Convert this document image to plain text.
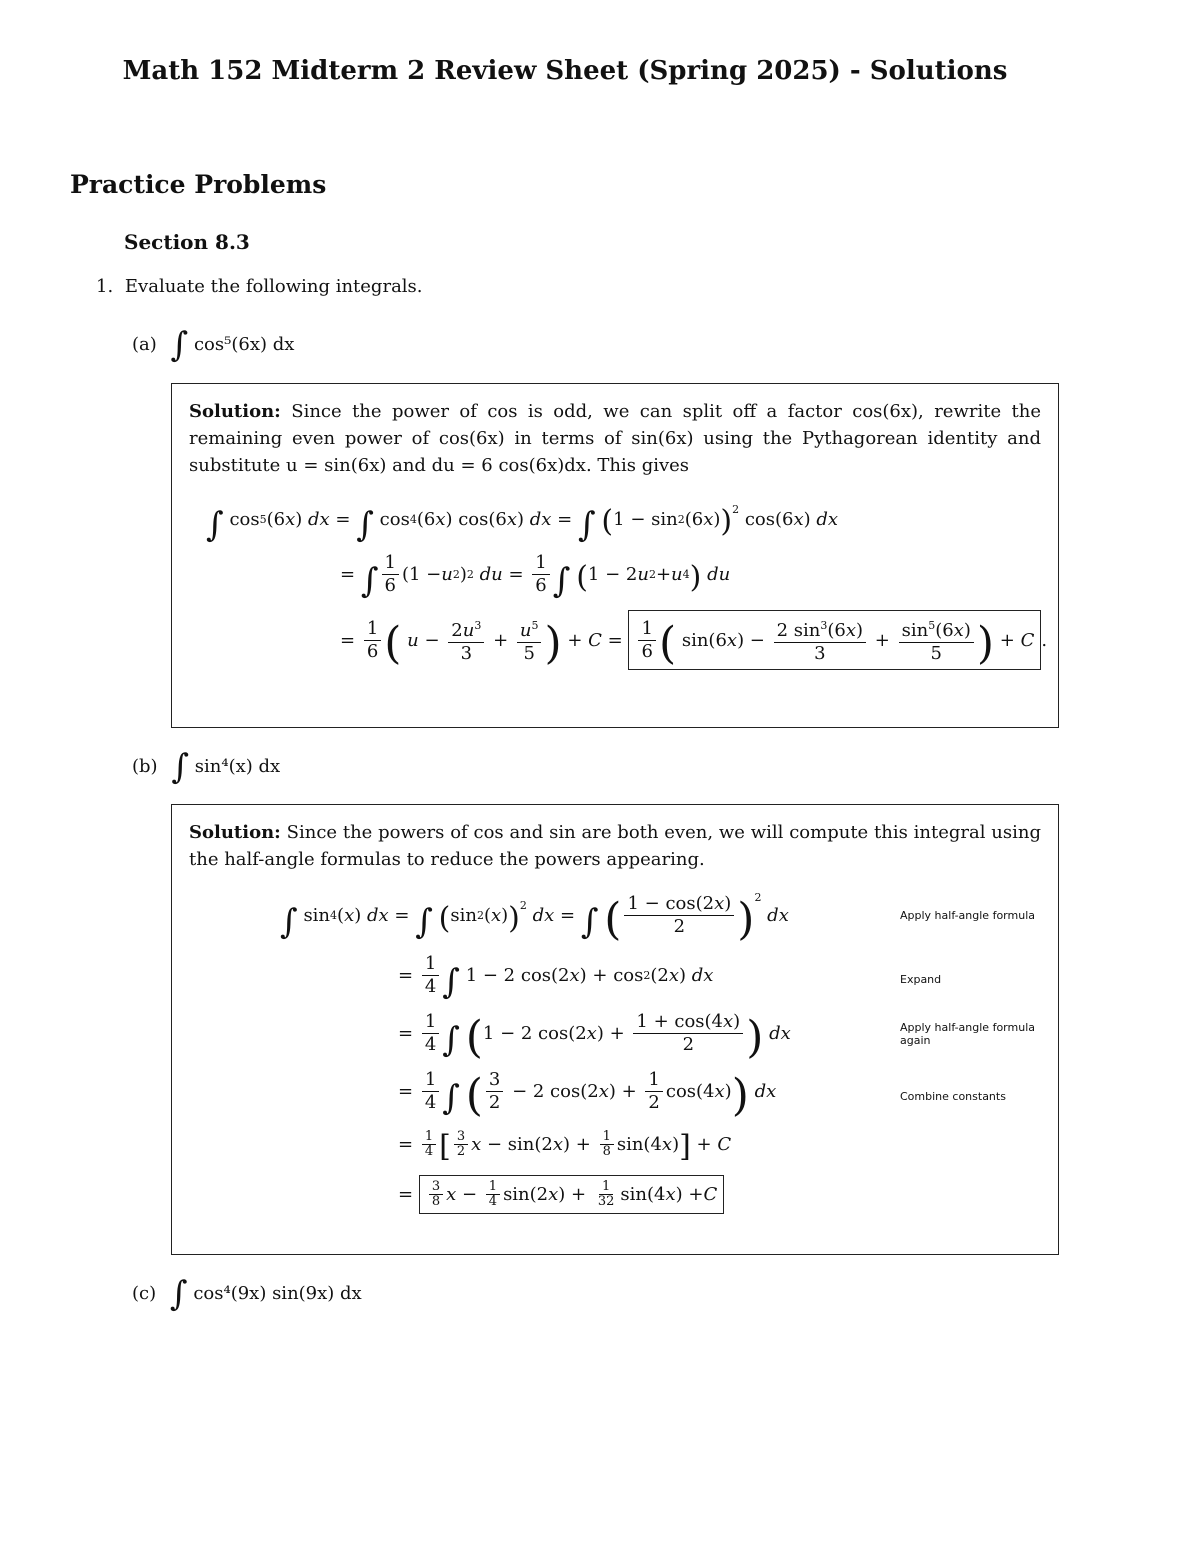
Math 152 Midterm 2 Review Sheet (Spring 2025) - Solutions
Practice Problems
Section 8.3
1. Evaluate the following integrals.
(a) ∫ cos⁵(6x) dx
Solution: Since the power of cos is odd, we can split off a factor cos(6x), rewrite the remaining even power of cos(6x) in terms of sin(6x) using the Pythagorean identity and substitute u = sin(6x) and du = 6 cos(6x)dx. This gives
∫ $\cos^5 (6$ x ) dx = ∫ $\cos^4 (6$ x ) cos(6 x ) dx = ∫
( 1 − sin 2 (6 x ) )$^2$ cos(6 x ) dx
= ∫ $\frac{1}{6} (1 - u$ 2 ) 2
du = $\frac{1}{6}$ ∫
( 1 − 2 u 2 + u 4 )
du
= $\frac{1}{6}$ (
$u - \frac{2u^3}{3} + \frac{u^5}{5}$ ) + $C = \frac{1}{6}$ ( sin(6 x ) − $\frac{2 \sin^3(6x)}{3} + \frac{\sin^5(6x)}{5}$ ) + C .
(b) ∫ sin⁴(x) dx
Solution: Since the powers of cos and sin are both even, we will compute this integral using the half-angle formulas to reduce the powers appearing.
∫ $\sin^4$ ( x ) dx = ∫
( sin 2 ( x ) )$^2$
dx = ∫
( $\frac{1 - \cos(2x)}{2} )^2$

dx	Apply half-angle formula
= $\frac{1}{4}$ ∫ 1 − 2 cos(2 x ) + cos 2 (2 x ) dx	Expand
= $\frac{1}{4}$ ∫
( 1 − 2 cos(2 x ) + $\frac{1 + \cos(4x)}{2}$ )
dx	Apply half-angle formula again
= $\frac{1}{4}$ ∫
( $\frac{3}{2} - 2$ cos(2 x ) + $\frac{1}{2} \cos(4$ x ) )
dx	Combine constants
= $\frac{1}{4}$ [ $\frac{3}{2}$ x − sin(2 x ) + $\frac{1}{8} \sin(4$ x ) ] + C
= $\frac{3}{8}$ $x - \frac{1}{4} \sin(2$ x ) + $\frac{1}{32} \sin(4$ x ) + C
(c) ∫ cos⁴(9x) sin(9x) dx
